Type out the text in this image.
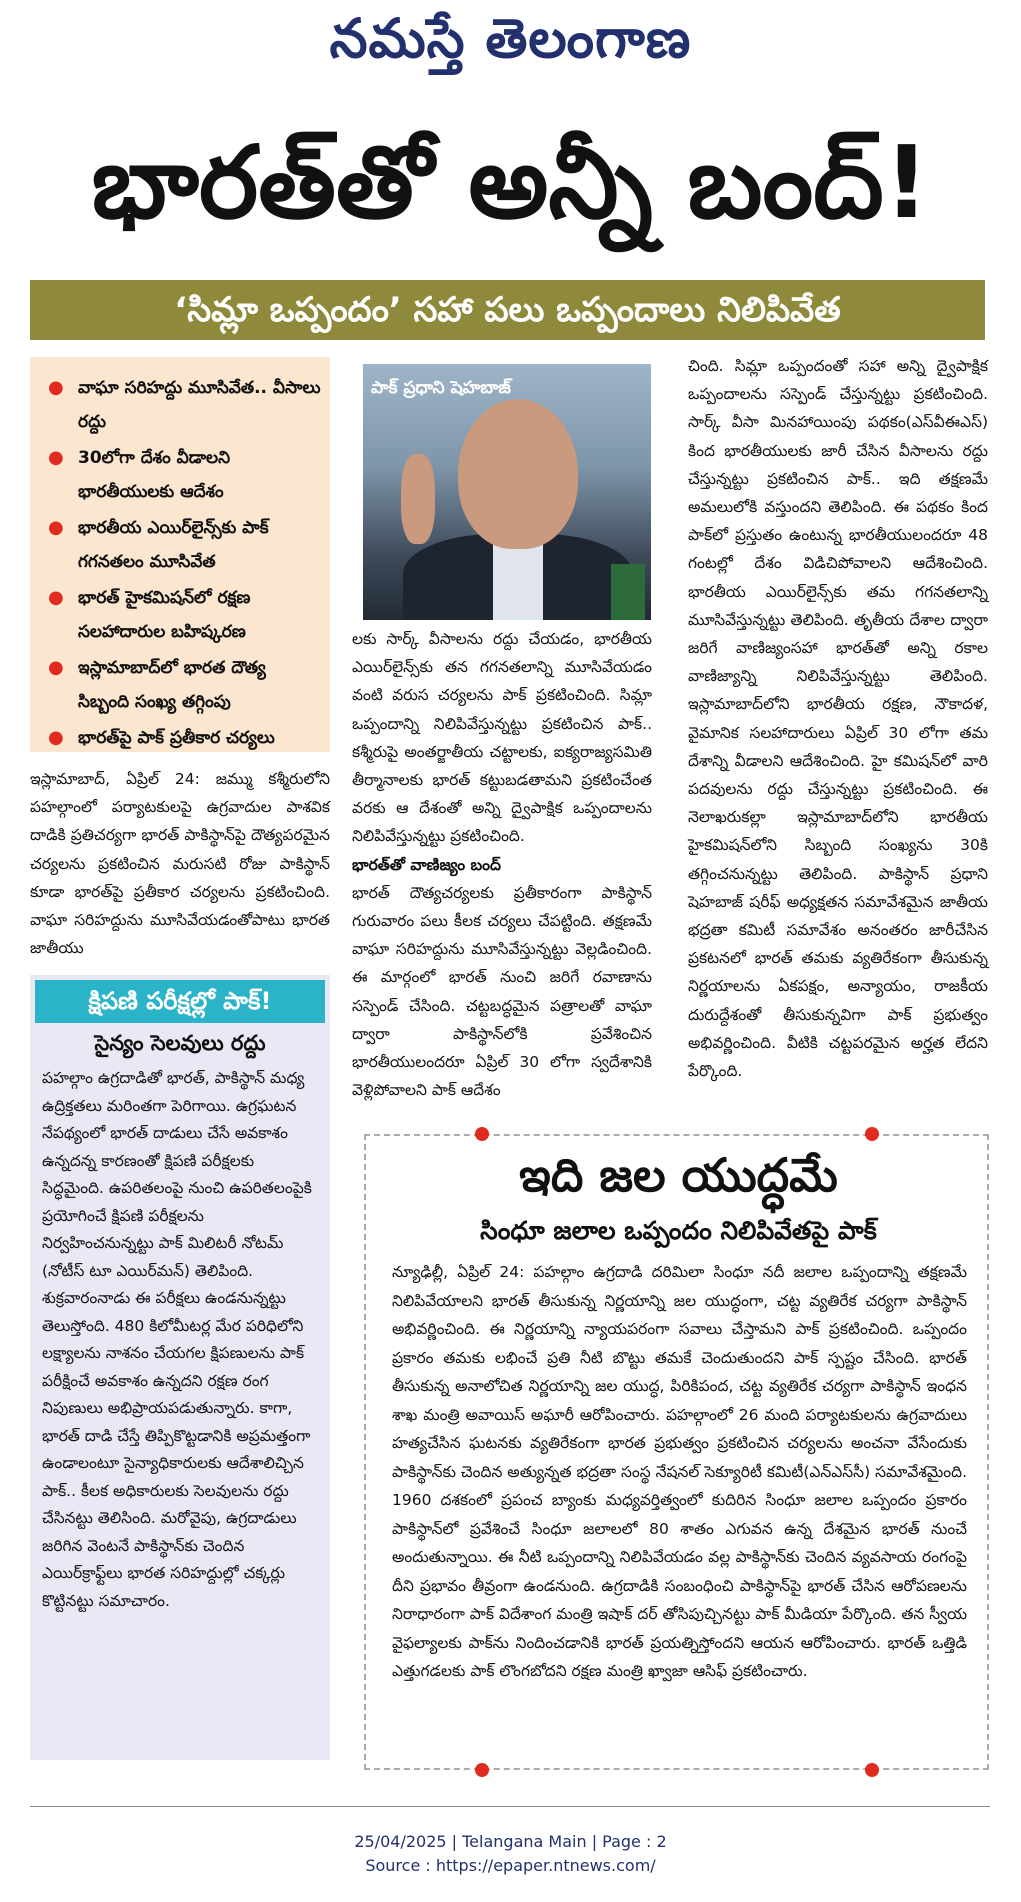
నమస్తే తెలంగాణ
భారత్‌తో అన్నీ బంద్!
‘సిమ్లా ఒప్పందం’ సహా పలు ఒప్పందాలు నిలిపివేత
● వాఘా సరిహద్దు మూసివేత.. వీసాలు రద్దు
● 30లోగా దేశం వీడాలని భారతీయులకు ఆదేశం
● భారతీయ ఎయిర్‌లైన్స్‌కు పాక్ గగనతలం మూసివేత
● భారత్ హైకమిషన్‌లో రక్షణ సలహాదారుల బహిష్కరణ
● ఇస్లామాబాద్‌లో భారత దౌత్య సిబ్బంది సంఖ్య తగ్గింపు
● భారత్‌పై పాక్ ప్రతీకార చర్యలు

ఇస్లామాబాద్, ఏప్రిల్ 24: జమ్ము కశ్మీరులోని పహల్గాంలో పర్యాటకులపై ఉగ్రవాదుల పాశవిక దాడికి ప్రతిచర్యగా భారత్ పాకిస్థాన్‌పై దౌత్యపరమైన చర్యలను ప్రకటించిన మరుసటి రోజు పాకిస్థాన్ కూడా భారత్‌పై ప్రతీకార చర్యలను ప్రకటించింది. వాఘా సరిహద్దును మూసివేయడంతోపాటు భారత జాతీయు

పాక్ ప్రధాని షెహబాజ్

లకు సార్క్ వీసాలను రద్దు చేయడం, భారతీయ ఎయిర్‌లైన్స్‌కు తన గగనతలాన్ని మూసివేయడం వంటి వరుస చర్యలను పాక్ ప్రకటించింది. సిమ్లా ఒప్పందాన్ని నిలిపివేస్తున్నట్టు ప్రకటించిన పాక్.. కశ్మీరుపై అంతర్జాతీయ చట్టాలకు, ఐక్యరాజ్యసమితి తీర్మానాలకు భారత్ కట్టుబడతామని ప్రకటించేంత వరకు ఆ దేశంతో అన్ని ద్వైపాక్షిక ఒప్పందాలను నిలిపివేస్తున్నట్టు ప్రకటించింది.

భారత్‌తో వాణిజ్యం బంద్

భారత్ దౌత్యచర్యలకు ప్రతీకారంగా పాకిస్థాన్ గురువారం పలు కీలక చర్యలు చేపట్టింది. తక్షణమే వాఘా సరిహద్దును మూసివేస్తున్నట్టు వెల్లడించింది. ఈ మార్గంలో భారత్ నుంచి జరిగే రవాణాను సస్పెండ్ చేసింది. చట్టబద్ధమైన పత్రాలతో వాఘా ద్వారా పాకిస్థాన్‌లోకి ప్రవేశించిన భారతీయులందరూ ఏప్రిల్ 30 లోగా స్వదేశానికి వెళ్లిపోవాలని పాక్ ఆదేశం

చింది. సిమ్లా ఒప్పందంతో సహా అన్ని ద్వైపాక్షిక ఒప్పందాలను సస్పెండ్ చేస్తున్నట్టు ప్రకటించింది. సార్క్ వీసా మినహాయింపు పథకం(ఎస్‌వీఈఎస్) కింద భారతీయులకు జారీ చేసిన వీసాలను రద్దు చేస్తున్నట్టు ప్రకటించిన పాక్.. ఇది తక్షణమే అమలులోకి వస్తుందని తెలిపింది. ఈ పథకం కింద పాక్‌లో ప్రస్తుతం ఉంటున్న భారతీయులందరూ 48 గంటల్లో దేశం విడిచిపోవాలని ఆదేశించింది. భారతీయ ఎయిర్‌లైన్స్‌కు తమ గగనతలాన్ని మూసివేస్తున్నట్టు తెలిపింది. తృతీయ దేశాల ద్వారా జరిగే వాణిజ్యంసహా భారత్‌తో అన్ని రకాల వాణిజ్యాన్ని నిలిపివేస్తున్నట్టు తెలిపింది. ఇస్లామాబాద్‌లోని భారతీయ రక్షణ, నౌకాదళ, వైమానిక సలహాదారులు ఏప్రిల్ 30 లోగా తమ దేశాన్ని వీడాలని ఆదేశించింది. హై కమిషన్‌లో వారి పదవులను రద్దు చేస్తున్నట్టు ప్రకటించింది. ఈ నెలాఖరుకల్లా ఇస్లామాబాద్‌లోని భారతీయ హైకమిషన్‌లోని సిబ్బంది సంఖ్యను 30కి తగ్గించనున్నట్టు తెలిపింది. పాకిస్థాన్ ప్రధాని షెహబాజ్ షరీఫ్ అధ్యక్షతన సమావేశమైన జాతీయ భద్రతా కమిటీ సమావేశం అనంతరం జారీచేసిన ప్రకటనలో భారత్ తమకు వ్యతిరేకంగా తీసుకున్న నిర్ణయాలను ఏకపక్షం, అన్యాయం, రాజకీయ దురుద్దేశంతో తీసుకున్నవిగా పాక్ ప్రభుత్వం అభివర్ణించింది. వీటికి చట్టపరమైన అర్హత లేదని పేర్కొంది.

క్షిపణి పరీక్షల్లో పాక్!
సైన్యం సెలవులు రద్దు
పహల్గాం ఉగ్రదాడితో భారత్, పాకిస్థాన్ మధ్య ఉద్రిక్తతలు మరింతగా పెరిగాయి. ఉగ్రఘటన నేపథ్యంలో భారత్ దాడులు చేసే అవకాశం ఉన్నదన్న కారణంతో క్షిపణి పరీక్షలకు సిద్ధమైంది. ఉపరితలంపై నుంచి ఉపరితలంపైకి ప్రయోగించే క్షిపణి పరీక్షలను నిర్వహించనున్నట్టు పాక్ మిలిటరీ నోటమ్ (నోటీస్ టూ ఎయిర్‌మన్) తెలిపింది. శుక్రవారంనాడు ఈ పరీక్షలు ఉండనున్నట్టు తెలుస్తోంది. 480 కిలోమీటర్ల మేర పరిధిలోని లక్ష్యాలను నాశనం చేయగల క్షిపణులను పాక్ పరీక్షించే అవకాశం ఉన్నదని రక్షణ రంగ నిపుణులు అభిప్రాయపడుతున్నారు. కాగా, భారత్ దాడి చేస్తే తిప్పికొట్టడానికి అప్రమత్తంగా ఉండాలంటూ సైన్యాధికారులకు ఆదేశాలిచ్చిన పాక్.. కీలక అధికారులకు సెలవులను రద్దు చేసినట్టు తెలిసింది. మరోవైపు, ఉగ్రదాడులు జరిగిన వెంటనే పాకిస్థాన్‌కు చెందిన ఎయిర్‌క్రాఫ్ట్‌లు భారత సరిహద్దుల్లో చక్కర్లు కొట్టినట్టు సమాచారం.
ఇది జల యుద్ధమే
సింధూ జలాల ఒప్పందం నిలిపివేతపై పాక్
న్యూఢిల్లీ, ఏప్రిల్ 24: పహల్గాం ఉగ్రదాడి దరిమిలా సింధూ నదీ జలాల ఒప్పందాన్ని తక్షణమే నిలిపివేయాలని భారత్ తీసుకున్న నిర్ణయాన్ని జల యుద్ధంగా, చట్ట వ్యతిరేక చర్యగా పాకిస్థాన్ అభివర్ణించింది. ఈ నిర్ణయాన్ని న్యాయపరంగా సవాలు చేస్తామని పాక్ ప్రకటించింది. ఒప్పందం ప్రకారం తమకు లభించే ప్రతి నీటి బొట్టు తమకే చెందుతుందని పాక్ స్పష్టం చేసింది. భారత్ తీసుకున్న అనాలోచిత నిర్ణయాన్ని జల యుద్ధ, పిరికిపంద, చట్ట వ్యతిరేక చర్యగా పాకిస్థాన్ ఇంధన శాఖ మంత్రి అవాయిస్ అఘారీ ఆరోపించారు. పహల్గాంలో 26 మంది పర్యాటకులను ఉగ్రవాదులు హత్యచేసిన ఘటనకు వ్యతిరేకంగా భారత ప్రభుత్వం ప్రకటించిన చర్యలను అంచనా వేసేందుకు పాకిస్థాన్‌కు చెందిన అత్యున్నత భద్రతా సంస్థ నేషనల్ సెక్యూరిటీ కమిటీ(ఎన్‌ఎస్‌సీ) సమావేశమైంది. 1960 దశకంలో ప్రపంచ బ్యాంకు మధ్యవర్తిత్వంలో కుదిరిన సింధూ జలాల ఒప్పందం ప్రకారం పాకిస్థాన్‌లో ప్రవేశించే సింధూ జలాలలో 80 శాతం ఎగువన ఉన్న దేశమైన భారత్ నుంచే అందుతున్నాయి. ఈ నీటి ఒప్పందాన్ని నిలిపివేయడం వల్ల పాకిస్థాన్‌కు చెందిన వ్యవసాయ రంగంపై దీని ప్రభావం తీవ్రంగా ఉండనుంది. ఉగ్రదాడికి సంబంధించి పాకిస్థాన్‌పై భారత్ చేసిన ఆరోపణలను నిరాధారంగా పాక్ విదేశాంగ మంత్రి ఇషాక్ దర్ తోసిపుచ్చినట్టు పాక్ మీడియా పేర్కొంది. తన స్వీయ వైఫల్యాలకు పాక్‌ను నిందించడానికి భారత్ ప్రయత్నిస్తోందని ఆయన ఆరోపించారు. భారత్ ఒత్తిడి ఎత్తుగడలకు పాక్ లొంగబోదని రక్షణ మంత్రి ఖ్వాజా ఆసిఫ్ ప్రకటించారు.
25/04/2025 | Telangana Main | Page : 2
Source : https://epaper.ntnews.com/
